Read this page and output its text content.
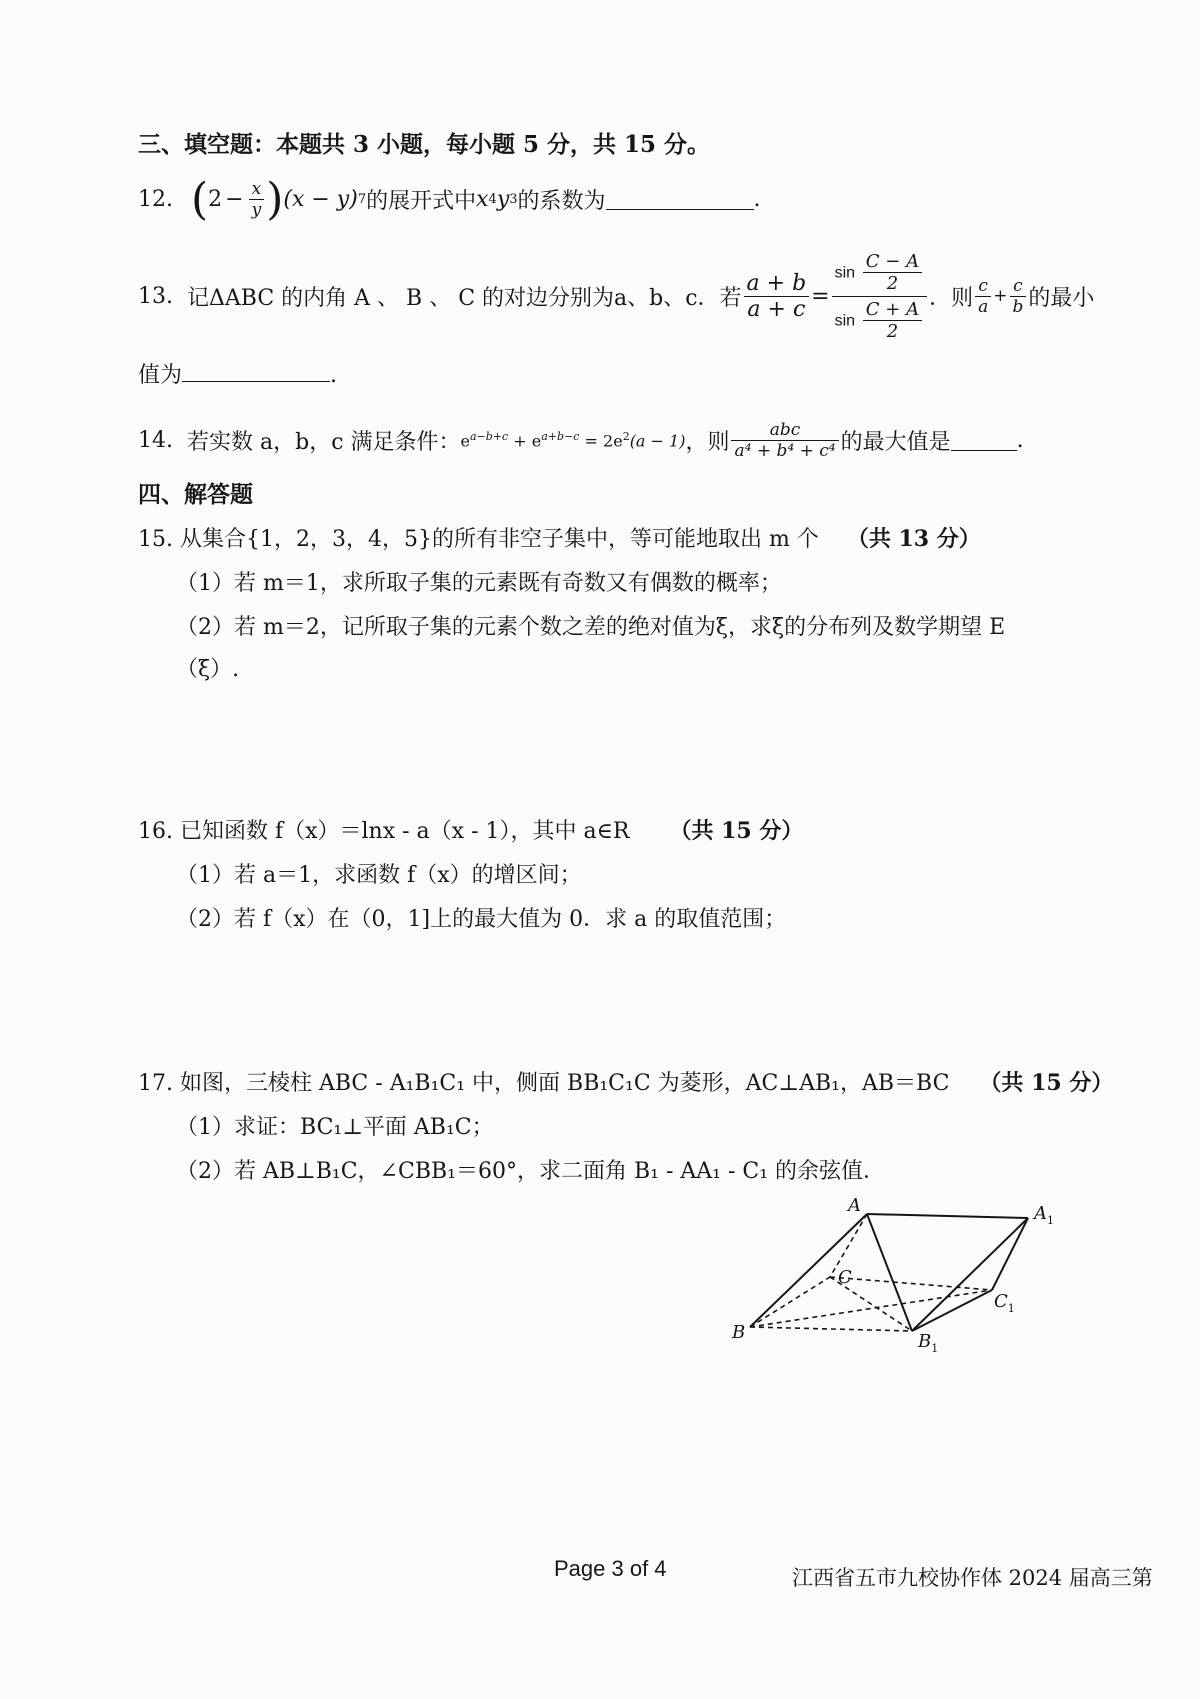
三、填空题：本题共 3 小题，每小题 5 分，共 15 分。
12. ( $2 - \frac{x}{y}$ ) (x − y) 7 的展开式中 x 4 y 3 的系数为	.
13. 记ΔABC 的内角 A 、 B 、 C 的对边分别为a、b、c．若 $\frac{a + b}{a + c} = \frac{\sin \frac{C - A}{2}}{\sin \frac{C + A}{2}}$ ．则 $\frac{c}{a} + \frac{c}{b}$ 的最小
值为	.
14. 若实数 a，b，c 满足条件： $e^{a-b+c} + e^{a+b-c} = 2e^2(a - 1)$ ，则 $\frac{\text{abc}}{\text{a⁴ + b⁴ + c⁴}}$ 的最大值是	.
四、解答题
15. 从集合{1，2，3，4，5}的所有非空子集中，等可能地取出 m 个 （共 13 分）
（1）若 m＝1，求所取子集的元素既有奇数又有偶数的概率；
（2）若 m＝2，记所取子集的元素个数之差的绝对值为ξ，求ξ的分布列及数学期望 E
（ξ）.
16. 已知函数 f（x）＝lnx - a（x - 1），其中 a∈R （共 15 分）
（1）若 a＝1，求函数 f（x）的增区间；
（2）若 f（x）在（0，1]上的最大值为 0．求 a 的取值范围；
17. 如图，三棱柱 ABC - A₁B₁C₁ 中，侧面 BB₁C₁C 为菱形，AC⊥AB₁，AB＝BC （共 15 分）
（1）求证：BC₁⊥平面 AB₁C；
（2）若 AB⊥B₁C，∠CBB₁＝60°，求二面角 B₁ - AA₁ - C₁ 的余弦值．
A	$A_1$
C
$C_1$
B	$B_1$
Page 3 of 4	江西省五市九校协作体 2024 届高三第
